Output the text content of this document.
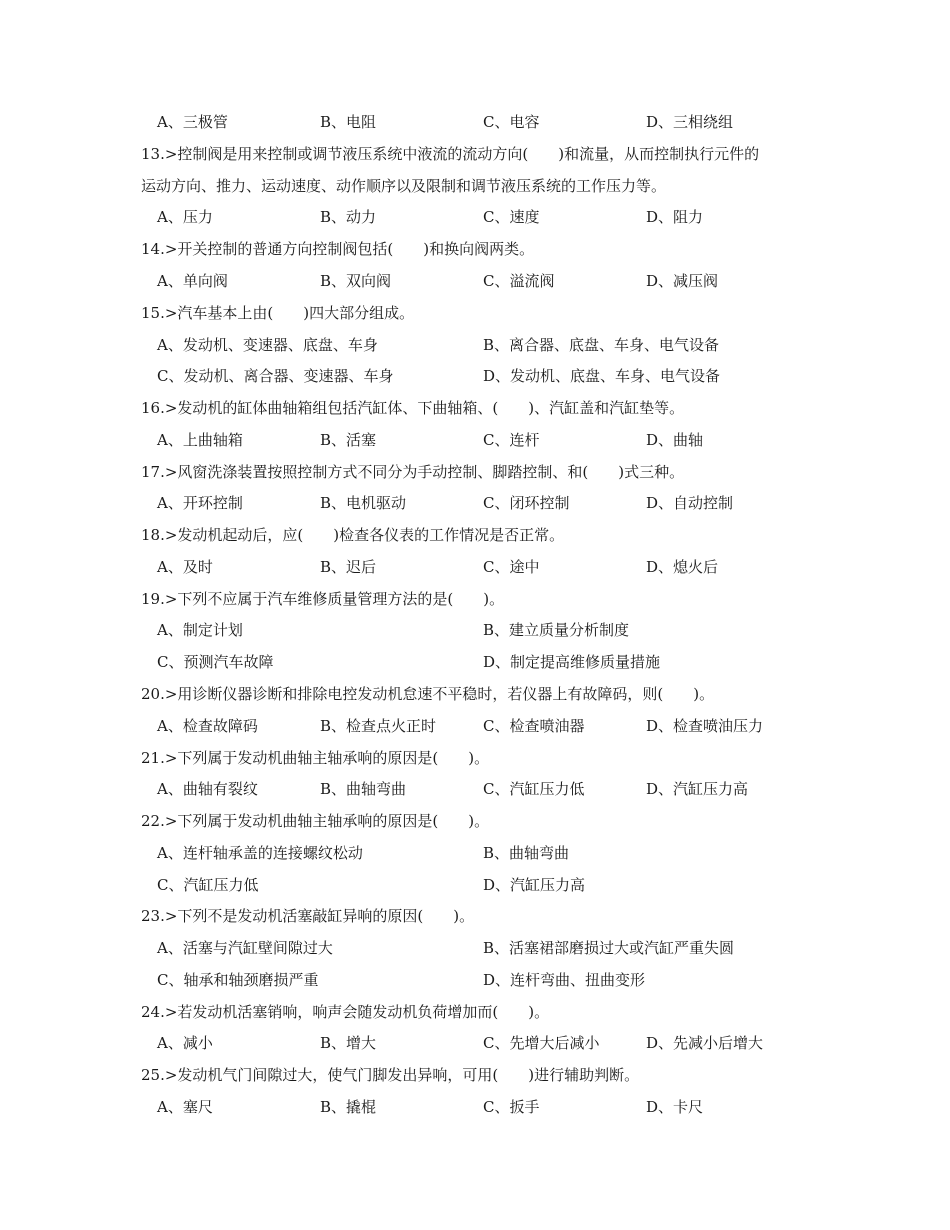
A、三极管	B、电阻	C、电容	D、三相绕组
13.>控制阀是用来控制或调节液压系统中液流的流动方向(　　)和流量，从而控制执行元件的
运动方向、推力、运动速度、动作顺序以及限制和调节液压系统的工作压力等。
A、压力	B、动力	C、速度	D、阻力
14.>开关控制的普通方向控制阀包括(　　)和换向阀两类。
A、单向阀	B、双向阀	C、溢流阀	D、减压阀
15.>汽车基本上由(　　)四大部分组成。
A、发动机、变速器、底盘、车身	B、离合器、底盘、车身、电气设备
C、发动机、离合器、变速器、车身	D、发动机、底盘、车身、电气设备
16.>发动机的缸体曲轴箱组包括汽缸体、下曲轴箱、(　　)、汽缸盖和汽缸垫等。
A、上曲轴箱	B、活塞	C、连杆	D、曲轴
17.>风窗洗涤装置按照控制方式不同分为手动控制、脚踏控制、和(　　)式三种。
A、开环控制	B、电机驱动	C、闭环控制	D、自动控制
18.>发动机起动后，应(　　)检查各仪表的工作情况是否正常。
A、及时	B、迟后	C、途中	D、熄火后
19.>下列不应属于汽车维修质量管理方法的是(　　)。
A、制定计划	B、建立质量分析制度
C、预测汽车故障	D、制定提高维修质量措施
20.>用诊断仪器诊断和排除电控发动机怠速不平稳时，若仪器上有故障码，则(　　)。
A、检查故障码	B、检查点火正时	C、检查喷油器	D、检查喷油压力
21.>下列属于发动机曲轴主轴承响的原因是(　　)。
A、曲轴有裂纹	B、曲轴弯曲	C、汽缸压力低	D、汽缸压力高
22.>下列属于发动机曲轴主轴承响的原因是(　　)。
A、连杆轴承盖的连接螺纹松动	B、曲轴弯曲
C、汽缸压力低	D、汽缸压力高
23.>下列不是发动机活塞敲缸异响的原因(　　)。
A、活塞与汽缸壁间隙过大	B、活塞裙部磨损过大或汽缸严重失圆
C、轴承和轴颈磨损严重	D、连杆弯曲、扭曲变形
24.>若发动机活塞销响，响声会随发动机负荷增加而(　　)。
A、减小	B、增大	C、先增大后减小	D、先减小后增大
25.>发动机气门间隙过大，使气门脚发出异响，可用(　　)进行辅助判断。
A、塞尺	B、撬棍	C、扳手	D、卡尺
